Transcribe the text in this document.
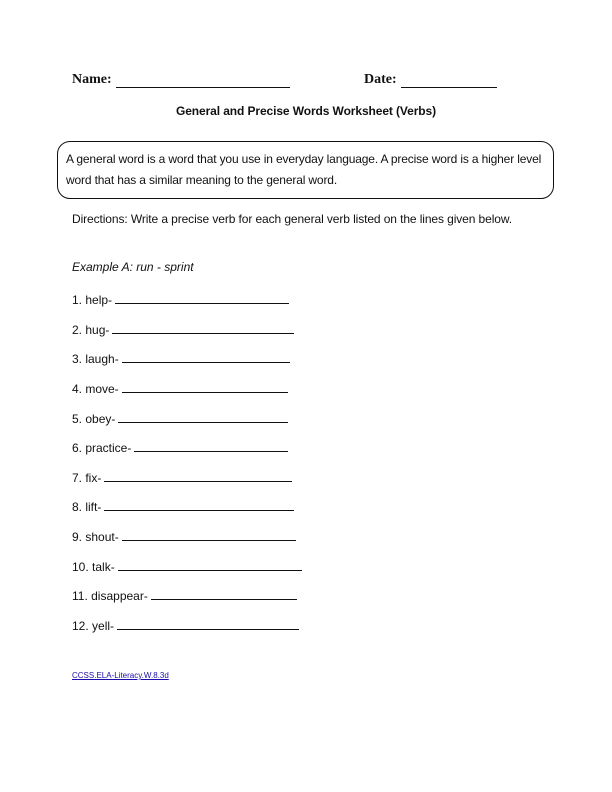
Name:	Date:
General and Precise Words Worksheet (Verbs)
A general word is a word that you use in everyday language. A precise word is a higher level word that has a similar meaning to the general word.
Directions: Write a precise verb for each general verb listed on the lines given below.
Example A: run - sprint
1. help-
2. hug-
3. laugh-
4. move-
5. obey-
6. practice-
7. fix-
8. lift-
9. shout-
10. talk-
11. disappear-
12. yell-
CCSS.ELA-Literacy.W.8.3d
